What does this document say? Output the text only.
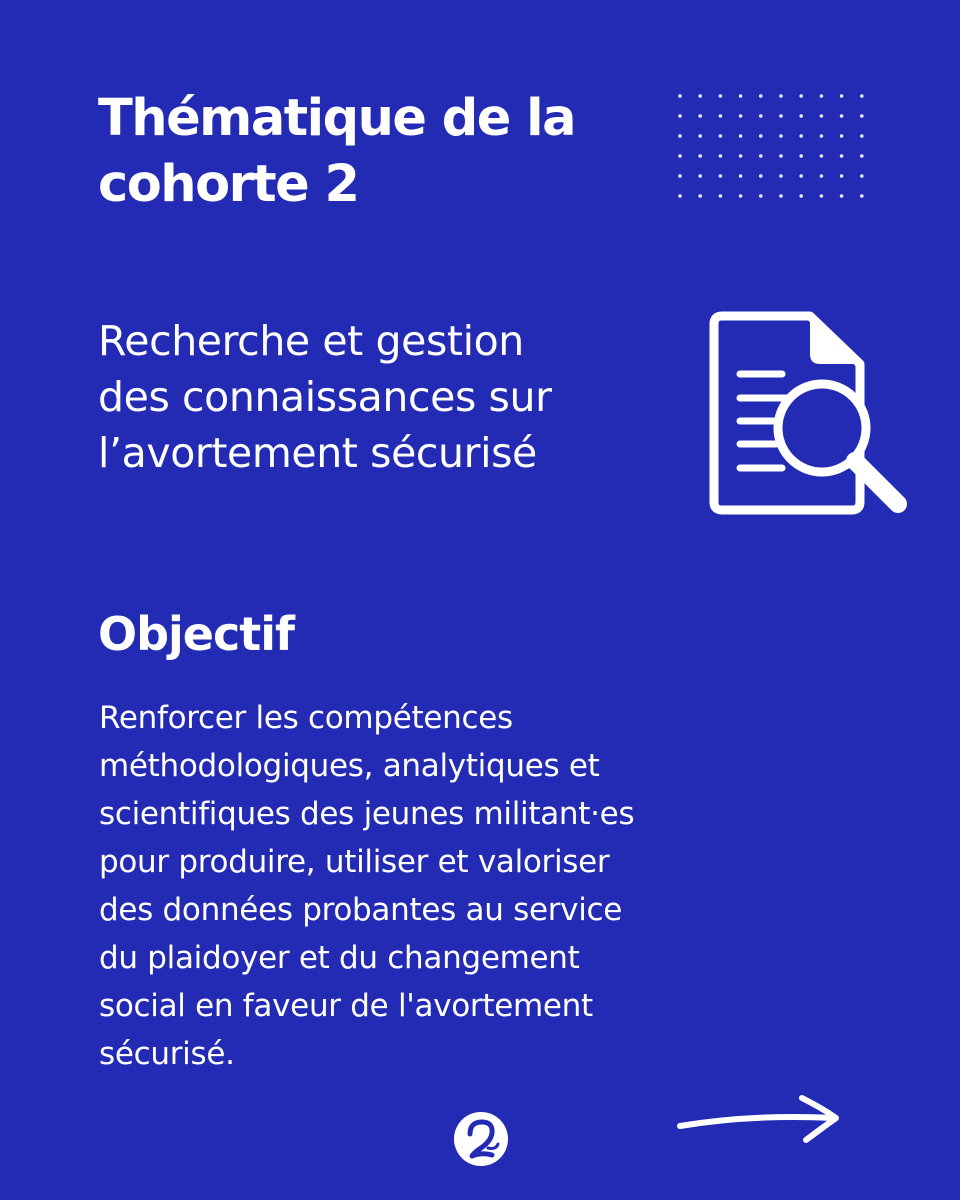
Thématique de la
cohorte 2
Recherche et gestion
des connaissances sur
l’avortement sécurisé
Objectif

Renforcer les compétences
méthodologiques, analytiques et
scientifiques des jeunes militant·es
pour produire, utiliser et valoriser
des données probantes au service
du plaidoyer et du changement
social en faveur de l'avortement
sécurisé.
